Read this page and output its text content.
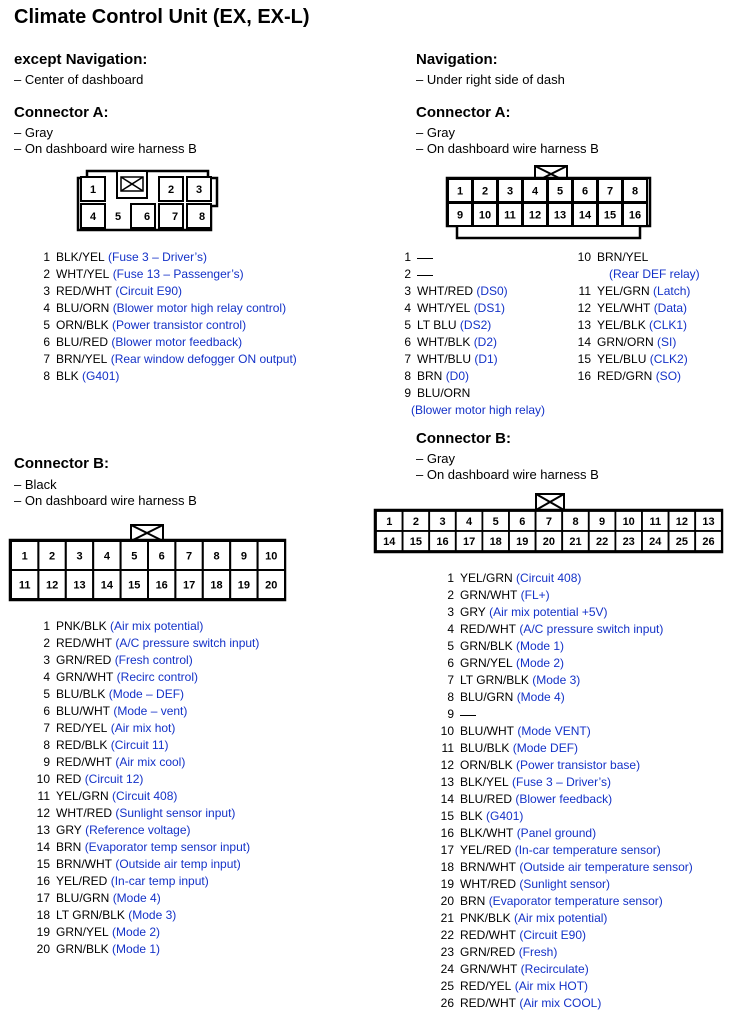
Climate Control Unit (EX, EX-L)
except Navigation:
– Center of dashboard
Connector A:
– Gray
– On dashboard wire harness B
1	2 3
4 5 6 7 8
1 BLK/YEL
(Fuse 3 – Driver’s)
2 WHT/YEL
(Fuse 13 – Passenger’s)
3 RED/WHT
(Circuit E90)
4 BLU/ORN
(Blower motor high relay control)
5 ORN/BLK
(Power transistor control)
6 BLU/RED
(Blower motor feedback)
7 BRN/YEL
(Rear window defogger ON output)
8 BLK
(G401)
Connector B:
– Black
– On dashboard wire harness B
1
11
2
12
3
13
4
14
5
15
6
16
7
17
8
18
9
19
10
20
1 PNK/BLK
(Air mix potential)
2 RED/WHT
(A/C pressure switch input)
3 GRN/RED
(Fresh control)
4 GRN/WHT
(Recirc control)
5 BLU/BLK
(Mode – DEF)
6 BLU/WHT
(Mode – vent)
7 RED/YEL
(Air mix hot)
8 RED/BLK
(Circuit 11)
9 RED/WHT
(Air mix cool)
10 RED
(Circuit 12)
11 YEL/GRN
(Circuit 408)
12 WHT/RED
(Sunlight sensor input)
13 GRY
(Reference voltage)
14 BRN
(Evaporator temp sensor input)
15 BRN/WHT
(Outside air temp input)
16 YEL/RED
(In-car temp input)
17 BLU/GRN
(Mode 4)
18 LT GRN/BLK
(Mode 3)
19 GRN/YEL
(Mode 2)
20 GRN/BLK
(Mode 1)
Navigation:
– Under right side of dash
Connector A:
– Gray
– On dashboard wire harness B
1
9
2
10
3
11
4
12
5
13
6
14
7
15
8
16
1
2
3 WHT/RED
(DS0)
4 WHT/YEL
(DS1)
5 LT BLU
(DS2)
6 WHT/BLK
(D2)
7 WHT/BLU
(D1)
8 BRN
(D0)
9 BLU/ORN

(Blower motor high relay)
10 BRN/YEL

(Rear DEF relay)
11 YEL/GRN
(Latch)
12 YEL/WHT
(Data)
13 YEL/BLK
(CLK1)
14 GRN/ORN
(SI)
15 YEL/BLU
(CLK2)
16 RED/GRN
(SO)
Connector B:
– Gray
– On dashboard wire harness B
1
14
2
15
3
16
4
17
5
18
6
19
7
20
8
21
9
22
10
23
11
24
12
25
13
26
1 YEL/GRN
(Circuit 408)
2 GRN/WHT
(FL+)
3 GRY
(Air mix potential +5V)
4 RED/WHT
(A/C pressure switch input)
5 GRN/BLK
(Mode 1)
6 GRN/YEL
(Mode 2)
7 LT GRN/BLK
(Mode 3)
8 BLU/GRN
(Mode 4)
9
10 BLU/WHT
(Mode VENT)
11 BLU/BLK
(Mode DEF)
12 ORN/BLK
(Power transistor base)
13 BLK/YEL
(Fuse 3 – Driver’s)
14 BLU/RED
(Blower feedback)
15 BLK
(G401)
16 BLK/WHT
(Panel ground)
17 YEL/RED
(In-car temperature sensor)
18 BRN/WHT
(Outside air temperature sensor)
19 WHT/RED
(Sunlight sensor)
20 BRN
(Evaporator temperature sensor)
21 PNK/BLK
(Air mix potential)
22 RED/WHT
(Circuit E90)
23 GRN/RED
(Fresh)
24 GRN/WHT
(Recirculate)
25 RED/YEL
(Air mix HOT)
26 RED/WHT
(Air mix COOL)
